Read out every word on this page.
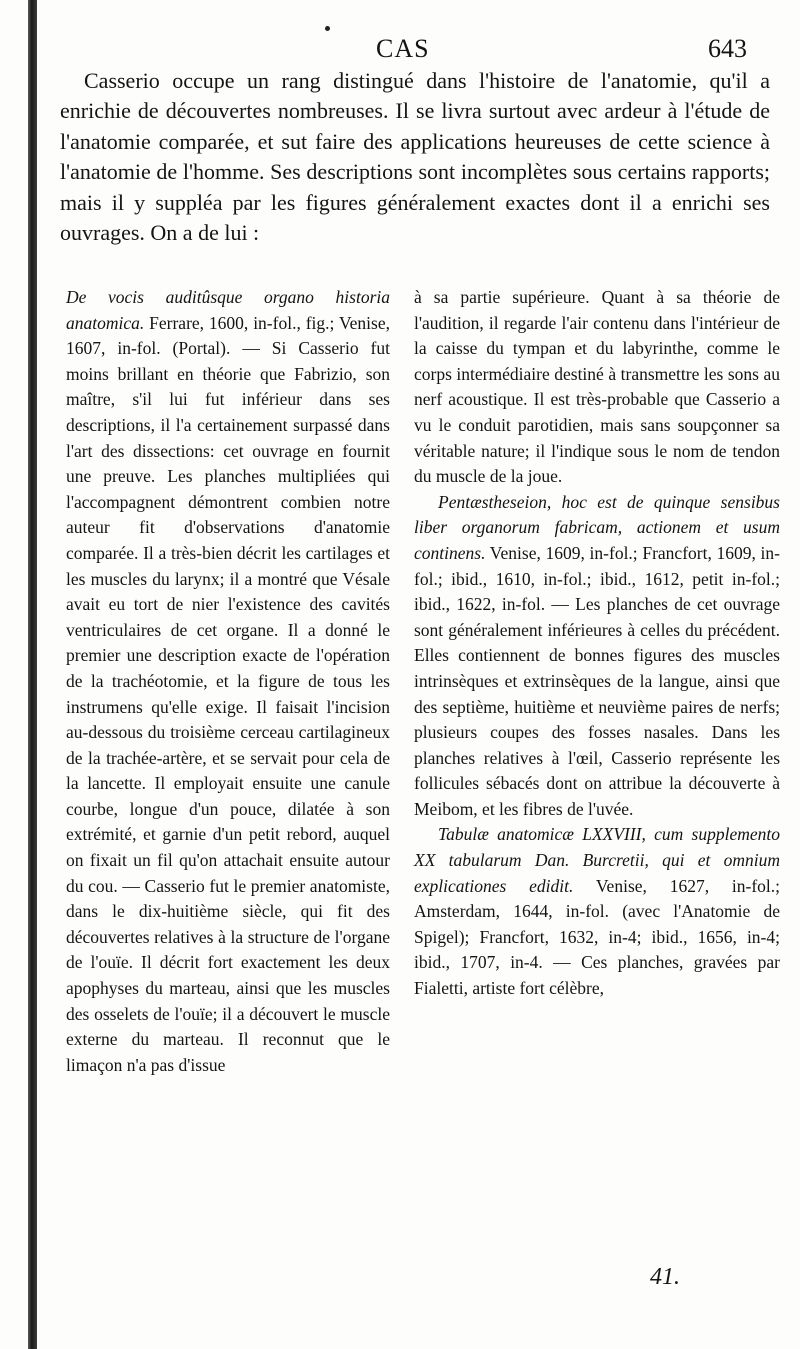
CAS	643

Casserio occupe un rang distingué dans l'histoire de l'anatomie, qu'il a enrichie de découvertes nombreuses. Il se livra surtout avec ardeur à l'étude de l'anatomie comparée, et sut faire des applications heureuses de cette science à l'anatomie de l'homme. Ses descriptions sont incomplètes sous certains rapports; mais il y suppléa par les figures généralement exactes dont il a enrichi ses ouvrages. On a de lui :

De vocis auditûsque organo historia anatomica. Ferrare, 1600, in-fol., fig.; Venise, 1607, in-fol. (Portal). — Si Casserio fut moins brillant en théorie que Fabrizio, son maître, s'il lui fut inférieur dans ses descriptions, il l'a certainement surpassé dans l'art des dissections: cet ouvrage en fournit une preuve. Les planches multipliées qui l'accompagnent démontrent combien notre auteur fit d'observations d'anatomie comparée. Il a très-bien décrit les cartilages et les muscles du larynx; il a montré que Vésale avait eu tort de nier l'existence des cavités ventriculaires de cet organe. Il a donné le premier une description exacte de l'opération de la trachéotomie, et la figure de tous les instrumens qu'elle exige. Il faisait l'incision au-dessous du troisième cerceau cartilagineux de la trachée-artère, et se servait pour cela de la lancette. Il employait ensuite une canule courbe, longue d'un pouce, dilatée à son extrémité, et garnie d'un petit rebord, auquel on fixait un fil qu'on attachait ensuite autour du cou. — Casserio fut le premier anatomiste, dans le dix-huitième siècle, qui fit des découvertes relatives à la structure de l'organe de l'ouïe. Il décrit fort exactement les deux apophyses du marteau, ainsi que les muscles des osselets de l'ouïe; il a découvert le muscle externe du marteau. Il reconnut que le limaçon n'a pas d'issue

à sa partie supérieure. Quant à sa théorie de l'audition, il regarde l'air contenu dans l'intérieur de la caisse du tympan et du labyrinthe, comme le corps intermédiaire destiné à transmettre les sons au nerf acoustique. Il est très-probable que Casserio a vu le conduit parotidien, mais sans soupçonner sa véritable nature; il l'indique sous le nom de tendon du muscle de la joue.

Pentæstheseion, hoc est de quinque sensibus liber organorum fabricam, actionem et usum continens. Venise, 1609, in-fol.; Francfort, 1609, in-fol.; ibid., 1610, in-fol.; ibid., 1612, petit in-fol.; ibid., 1622, in-fol. — Les planches de cet ouvrage sont généralement inférieures à celles du précédent. Elles contiennent de bonnes figures des muscles intrinsèques et extrinsèques de la langue, ainsi que des septième, huitième et neuvième paires de nerfs; plusieurs coupes des fosses nasales. Dans les planches relatives à l'œil, Casserio représente les follicules sébacés dont on attribue la découverte à Meibom, et les fibres de l'uvée.

Tabulæ anatomicæ LXXVIII, cum supplemento XX tabularum Dan. Burcretii, qui et omnium explicationes edidit. Venise, 1627, in-fol.; Amsterdam, 1644, in-fol. (avec l'Anatomie de Spigel); Francfort, 1632, in-4; ibid., 1656, in-4; ibid., 1707, in-4. — Ces planches, gravées par Fialetti, artiste fort célèbre,

41.
